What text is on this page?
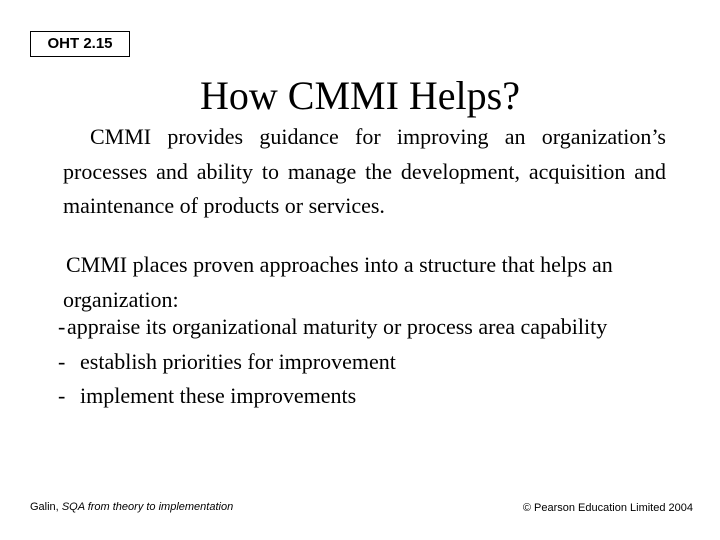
OHT 2.15
How CMMI Helps?

CMMI provides guidance for improving an organization’s processes and ability to manage the development, acquisition and maintenance of products or services.

CMMI places proven approaches into a structure that helps an organization:

-appraise its organizational maturity or process area capability
- establish priorities for improvement
- implement these improvements
Galin, SQA from theory to implementation	© Pearson Education Limited 2004
